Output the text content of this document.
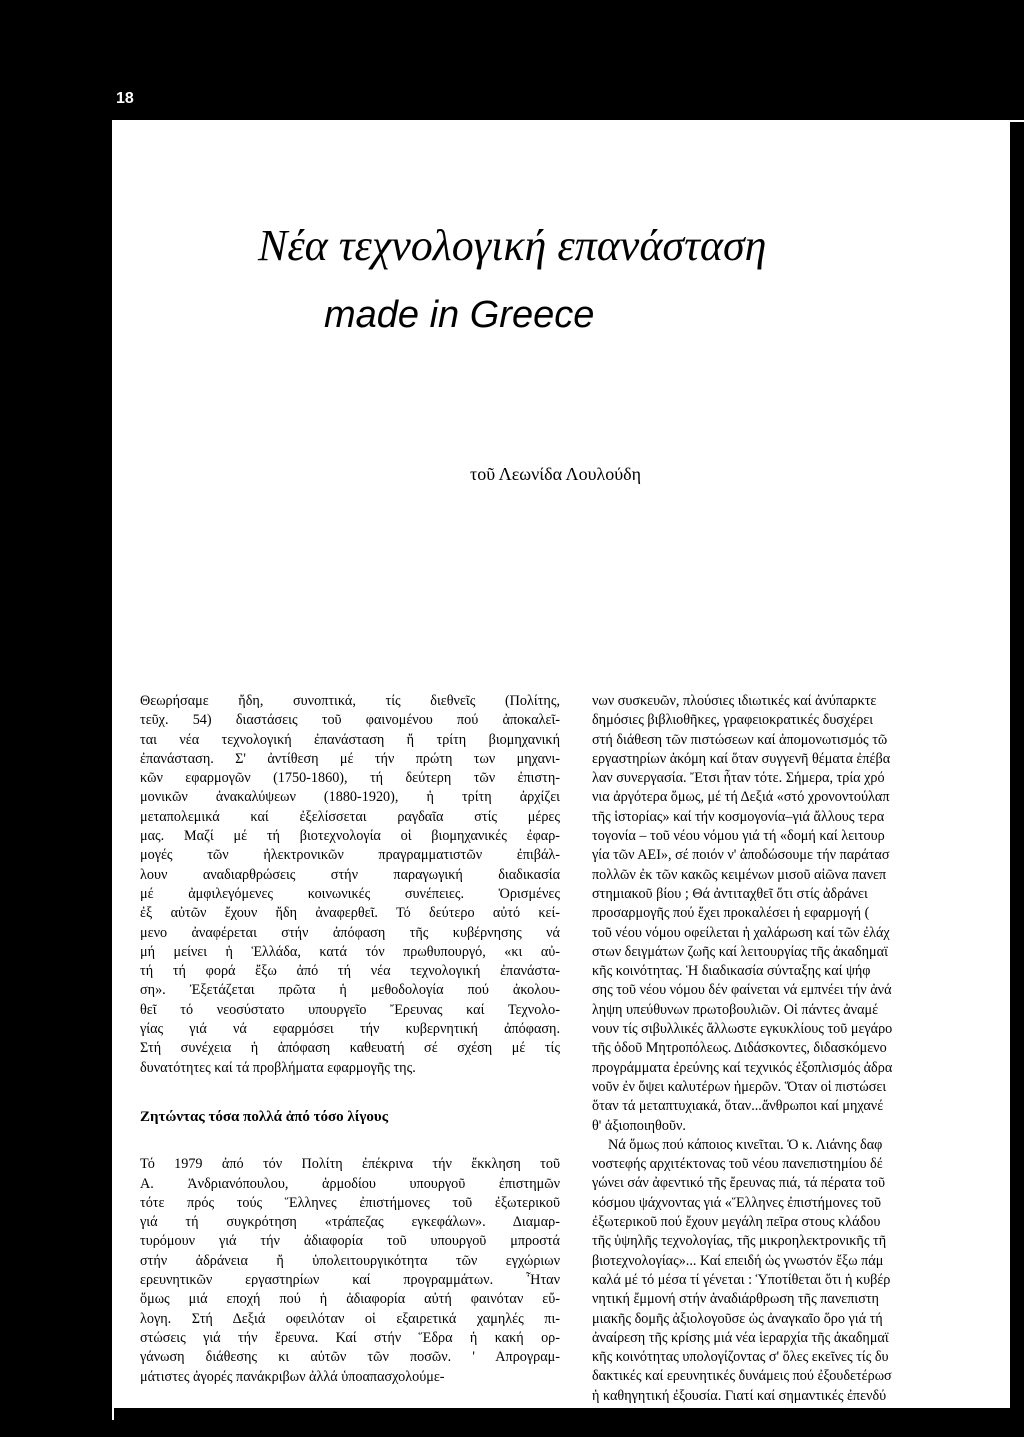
18
Νέα τεχνολογική επανάσταση
made in Greece
τοῦ Λεωνίδα Λουλούδη
Θεωρήσαμε ἤδη, συνοπτικά, τίς διεθνεῖς (Πολίτης,
τεῦχ. 54) διαστάσεις τοῦ φαινομένου πού ἀποκαλεῖ-
ται νέα τεχνολογική ἐπανάσταση ἤ τρίτη βιομηχανική
ἐπανάσταση. Σ' ἀντίθεση μέ τήν πρώτη των μηχανι-
κῶν εφαρμογῶν (1750-1860), τή δεύτερη τῶν ἐπιστη-
μονικῶν ἀνακαλύψεων (1880-1920), ἡ τρίτη ἀρχίζει
μεταπολεμικά καί ἐξελίσσεται ραγδαῖα στίς μέρες
μας. Μαζί μέ τή βιοτεχνολογία οἱ βιομηχανικές ἐφαρ-
μογές τῶν ἠλεκτρονικῶν πραγραμματιστῶν ἐπιβάλ-
λουν αναδιαρθρώσεις στήν παραγωγική διαδικασία
μέ ἀμφιλεγόμενες κοινωνικές συνέπειες. Ὁρισμένες
ἐξ αὐτῶν ἔχουν ἤδη ἀναφερθεῖ. Τό δεύτερο αὐτό κεί-
μενο ἀναφέρεται στήν ἀπόφαση τῆς κυβέρνησης νά
μή μείνει ἡ Ἑλλάδα, κατά τόν πρωθυπουργό, «κι αὐ-
τή τή φορά ἔξω ἀπό τή νέα τεχνολογική ἐπανάστα-
ση». Ἐξετάζεται πρῶτα ἡ μεθοδολογία πού ἀκολου-
θεῖ τό νεοσύστατο υπουργεῖο Ἔρευνας καί Τεχνολο-
γίας γιά νά εφαρμόσει τήν κυβερνητική ἀπόφαση.
Στή συνέχεια ἡ ἀπόφαση καθευατή σέ σχέση μέ τίς
δυνατότητες καί τά προβλήματα εφαρμογῆς της.
Ζητώντας τόσα πολλά ἀπό τόσο λίγους
Τό 1979 ἀπό τόν Πολίτη ἐπέκρινα τήν ἔκκληση τοῦ
Α. Ἀνδριανόπουλου, ἁρμοδίου υπουργοῦ ἐπιστημῶν
τότε πρός τούς Ἕλληνες ἐπιστήμονες τοῦ ἐξωτερικοῦ
γιά τή συγκρότηση «τράπεζας εγκεφάλων». Διαμαρ-
τυρόμουν γιά τήν ἀδιαφορία τοῦ υπουργοῦ μπροστά
στήν ἀδράνεια ἤ ὑπολειτουργικότητα τῶν εγχώριων
ερευνητικῶν εργαστηρίων καί προγραμμάτων. Ἦταν
ὅμως μιά εποχή πού ἡ ἀδιαφορία αὐτή φαινόταν εὔ-
λογη. Στή Δεξιά οφειλόταν οἱ εξαιρετικά χαμηλές πι-
στώσεις γιά τήν ἔρευνα. Καί στήν Ἕδρα ἡ κακή ορ-
γάνωση διάθεσης κι αὐτῶν τῶν ποσῶν. ' Απρογραμ-
μάτιστες ἀγορές πανάκριβων ἀλλά ὑποαπασχολούμε-
νων συσκευῶν, πλούσιες ιδιωτικές καί ἀνύπαρκτε
δημόσιες βιβλιοθῆκες, γραφειοκρατικές δυσχέρει
στή διάθεση τῶν πιστώσεων καί ἀπομονωτισμός τῶ
εργαστηρίων ἀκόμη καί ὅταν συγγενῆ θέματα ἐπέβα
λαν συνεργασία. Ἔτσι ἦταν τότε. Σήμερα, τρία χρό
νια ἀργότερα ὅμως, μέ τή Δεξιά «στό χρονοντούλαπ
τῆς ἱστορίας» καί τήν κοσμογονία–γιά ἄλλους τερα
τογονία – τοῦ νέου νόμου γιά τή «δομή καί λειτουρ
γία τῶν ΑΕΙ», σέ ποιόν ν' ἀποδώσουμε τήν παράτασ
πολλῶν ἐκ τῶν κακῶς κειμένων μισοῦ αἰῶνα πανεπ
στημιακοῦ βίου ; Θά ἀντιταχθεῖ ὅτι στίς ἀδράνει
προσαρμογῆς πού ἔχει προκαλέσει ἡ εφαρμογή (
τοῦ νέου νόμου οφείλεται ἡ χαλάρωση καί τῶν ἐλάχ
στων δειγμάτων ζωῆς καί λειτουργίας τῆς ἀκαδημαϊ
κῆς κοινότητας. Ἡ διαδικασία σύνταξης καί ψήφ
σης τοῦ νέου νόμου δέν φαίνεται νά εμπνέει τήν ἀνά
ληψη υπεύθυνων πρωτοβουλιῶν. Οἱ πάντες ἀναμέ
νουν τίς σιβυλλικές ἄλλωστε εγκυκλίους τοῦ μεγάρο
τῆς ὁδοῦ Μητροπόλεως. Διδάσκοντες, διδασκόμενο
προγράμματα ἐρεύνης καί τεχνικός ἐξοπλισμός ἀδρα
νοῦν ἐν ὄψει καλυτέρων ἡμερῶν. Ὅταν οἱ πιστώσει
ὅταν τά μεταπτυχιακά, ὅταν...ἄνθρωποι καί μηχανέ
θ' ἀξιοποιηθοῦν.
Νά ὅμως πού κάποιος κινεῖται. Ὁ κ. Λιάνης δαφ
νοστεφής αρχιτέκτονας τοῦ νέου πανεπιστημίου δέ
γώνει σάν ἀφεντικό τῆς ἔρευνας πιά, τά πέρατα τοῦ
κόσμου ψάχνοντας γιά «Ἕλληνες ἐπιστήμονες τοῦ
ἐξωτερικοῦ πού ἔχουν μεγάλη πεῖρα στους κλάδου
τῆς ὑψηλῆς τεχνολογίας, τῆς μικροηλεκτρονικῆς τῆ
βιοτεχνολογίας»... Καί επειδή ὡς γνωστόν ἔξω πάμ
καλά μέ τό μέσα τί γένεται : Ὑποτίθεται ὅτι ἡ κυβέρ
νητική ἔμμονή στήν ἀναδιάρθρωση τῆς πανεπιστη
μιακῆς δομῆς ἀξιολογοῦσε ὡς ἀναγκαῖο ὅρο γιά τή
ἀναίρεση τῆς κρίσης μιά νέα ἱεραρχία τῆς ἀκαδημαϊ
κῆς κοινότητας υπολογίζοντας σ' ὅλες εκεῖνες τίς δυ
δακτικές καί ερευνητικές δυνάμεις πού ἐξουδετέρωσ
ἡ καθηγητική ἐξουσία. Γιατί καί σημαντικές ἐπενδύ
